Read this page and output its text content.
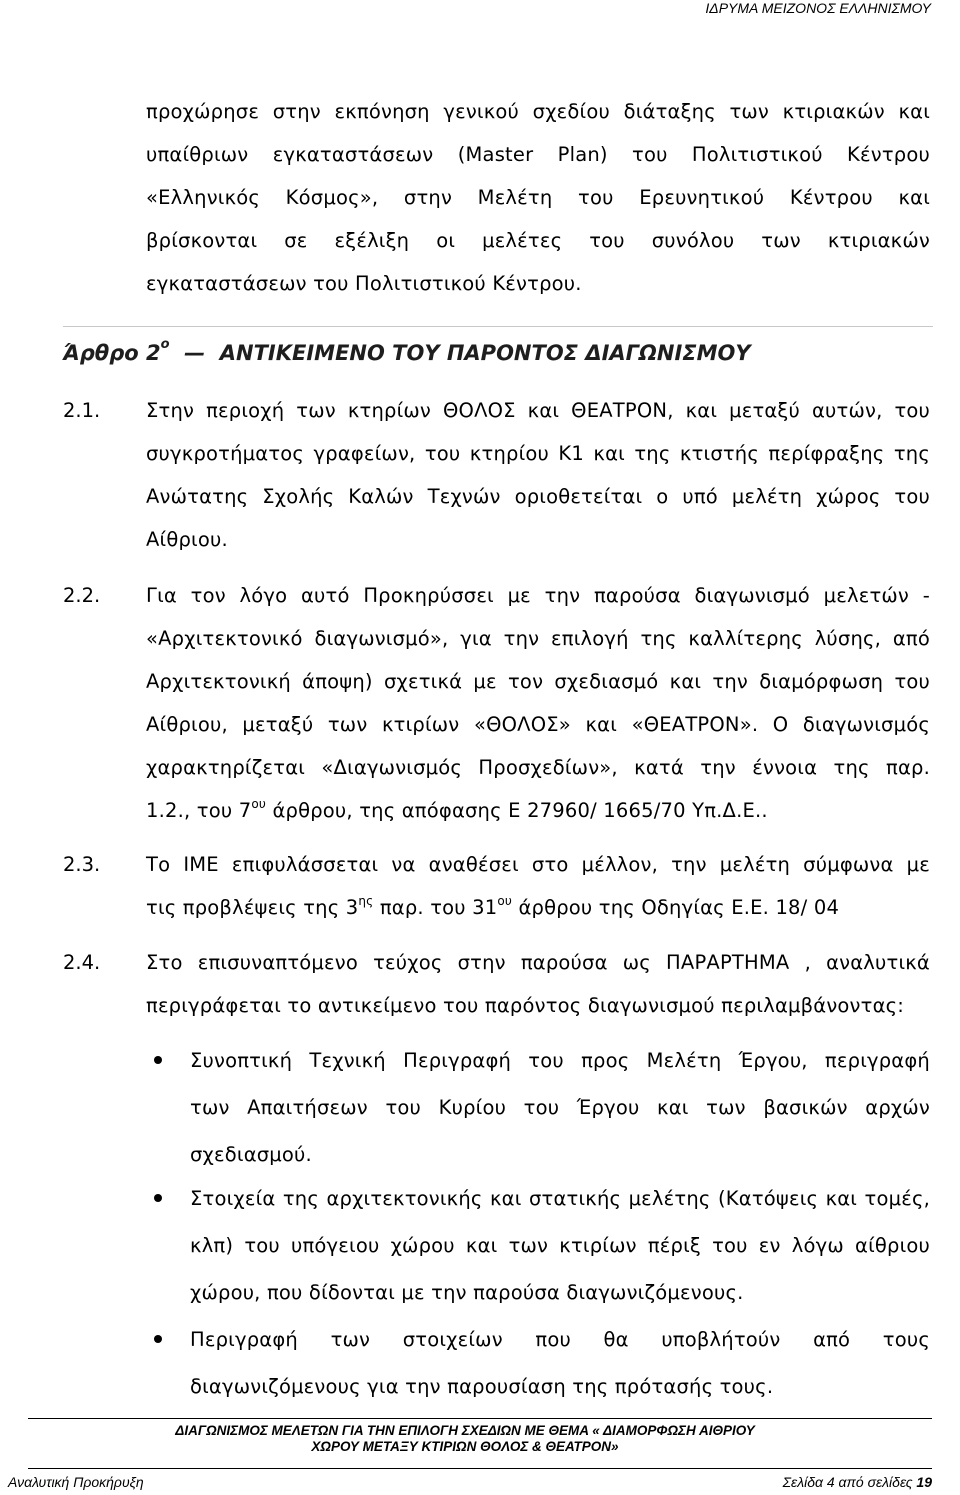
ΙΔΡΥΜΑ ΜΕΙΖΟΝΟΣ ΕΛΛΗΝΙΣΜΟΥ
προχώρησε στην εκπόνηση γενικού σχεδίου διάταξης των κτιριακών και
υπαίθριων εγκαταστάσεων (Master Plan) του Πολιτιστικού Κέντρου
«Ελληνικός Κόσμος», στην Μελέτη του Ερευνητικού Κέντρου και
βρίσκονται σε εξέλιξη οι μελέτες του συνόλου των κτιριακών
εγκαταστάσεων του Πολιτιστικού Κέντρου.
Άρθρο $2^o$  —  ΑΝΤΙΚΕΙΜΕΝΟ ΤΟΥ ΠΑΡΟΝΤΟΣ ΔΙΑΓΩΝΙΣΜΟΥ
2.1. Στην περιοχή των κτηρίων ΘΟΛΟΣ και ΘΕΑΤΡΟΝ, και μεταξύ αυτών, του
συγκροτήματος γραφείων, του κτηρίου Κ1 και της κτιστής περίφραξης της
Ανώτατης Σχολής Καλών Τεχνών οριοθετείται ο υπό μελέτη χώρος του
Αίθριου.
2.2. Για τον λόγο αυτό Προκηρύσσει με την παρούσα διαγωνισμό μελετών -
«Αρχιτεκτονικό διαγωνισμό», για την επιλογή της καλλίτερης λύσης, από
Αρχιτεκτονική άποψη) σχετικά με τον σχεδιασμό και την διαμόρφωση του
Αίθριου, μεταξύ των κτιρίων «ΘΟΛΟΣ» και «ΘΕΑΤΡΟΝ». Ο διαγωνισμός
χαρακτηρίζεται «Διαγωνισμός Προσχεδίων», κατά την έννοια της παρ.
1.2., του $7^{o\upsilon}$ άρθρου, της απόφασης Ε 27960/ 1665/70 Υπ.Δ.Ε..
2.3. Το ΙΜΕ επιφυλάσσεται να αναθέσει στο μέλλον, την μελέτη σύμφωνα με
τις προβλέψεις της $3^{\eta\varsigma}$ παρ. του $31^{o\upsilon}$ άρθρου της Οδηγίας Ε.Ε. 18/ 04
2.4. Στο επισυναπτόμενο τεύχος στην παρούσα ως ΠΑΡΑΡΤΗΜΑ , αναλυτικά
περιγράφεται το αντικείμενο του παρόντος διαγωνισμού περιλαμβάνοντας:
Συνοπτική Τεχνική Περιγραφή του προς Μελέτη Έργου, περιγραφή
των Απαιτήσεων του Κυρίου του Έργου και των βασικών αρχών
σχεδιασμού.
Στοιχεία της αρχιτεκτονικής και στατικής μελέτης (Κατόψεις και τομές,
κλπ) του υπόγειου χώρου και των κτιρίων πέριξ του εν λόγω αίθριου
χώρου, που δίδονται με την παρούσα διαγωνιζόμενους.
Περιγραφή των στοιχείων που θα υποβλήτούν από τους
διαγωνιζόμενους για την παρουσίαση της πρότασής τους.
ΔΙΑΓΩΝΙΣΜΟΣ ΜΕΛΕΤΩΝ ΓΙΑ ΤΗΝ ΕΠΙΛΟΓΗ ΣΧΕΔΙΩΝ ΜΕ ΘΕΜΑ « ΔΙΑΜΟΡΦΩΣΗ ΑΙΘΡΙΟΥ
ΧΩΡΟΥ ΜΕΤΑΞΥ ΚΤΙΡΙΩΝ ΘΟΛΟΣ & ΘΕΑΤΡΟΝ»
Αναλυτική Προκήρυξη	Σελίδα 4 από σελίδες 19
